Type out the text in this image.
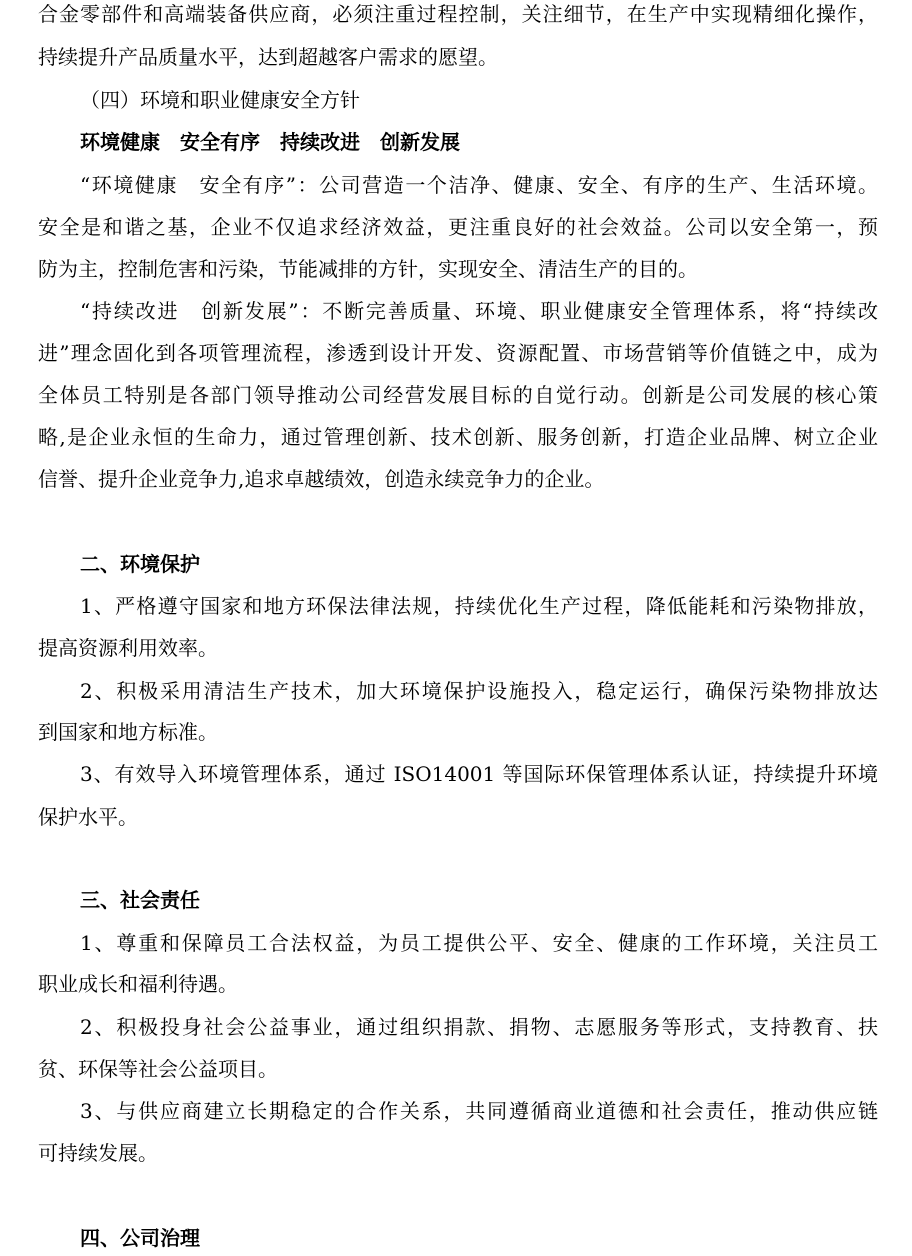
合金零部件和高端装备供应商，必须注重过程控制，关注细节，在生产中实现精细化操作，
持续提升产品质量水平，达到超越客户需求的愿望。
（四）环境和职业健康安全方针
环境健康　安全有序　持续改进　创新发展
“环境健康　安全有序”：公司营造一个洁净、健康、安全、有序的生产、生活环境。
安全是和谐之基，企业不仅追求经济效益，更注重良好的社会效益。公司以安全第一，预
防为主，控制危害和污染，节能减排的方针，实现安全、清洁生产的目的。
“持续改进　创新发展”：不断完善质量、环境、职业健康安全管理体系，将“持续改
进”理念固化到各项管理流程，渗透到设计开发、资源配置、市场营销等价值链之中，成为
全体员工特别是各部门领导推动公司经营发展目标的自觉行动。创新是公司发展的核心策
略,是企业永恒的生命力，通过管理创新、技术创新、服务创新，打造企业品牌、树立企业
信誉、提升企业竞争力,追求卓越绩效，创造永续竞争力的企业。
二、环境保护
1、严格遵守国家和地方环保法律法规，持续优化生产过程，降低能耗和污染物排放，
提高资源利用效率。
2、积极采用清洁生产技术，加大环境保护设施投入，稳定运行，确保污染物排放达
到国家和地方标准。
3、有效导入环境管理体系，通过 ISO14001 等国际环保管理体系认证，持续提升环境
保护水平。
三、社会责任
1、尊重和保障员工合法权益，为员工提供公平、安全、健康的工作环境，关注员工
职业成长和福利待遇。
2、积极投身社会公益事业，通过组织捐款、捐物、志愿服务等形式，支持教育、扶
贫、环保等社会公益项目。
3、与供应商建立长期稳定的合作关系，共同遵循商业道德和社会责任，推动供应链
可持续发展。
四、公司治理
